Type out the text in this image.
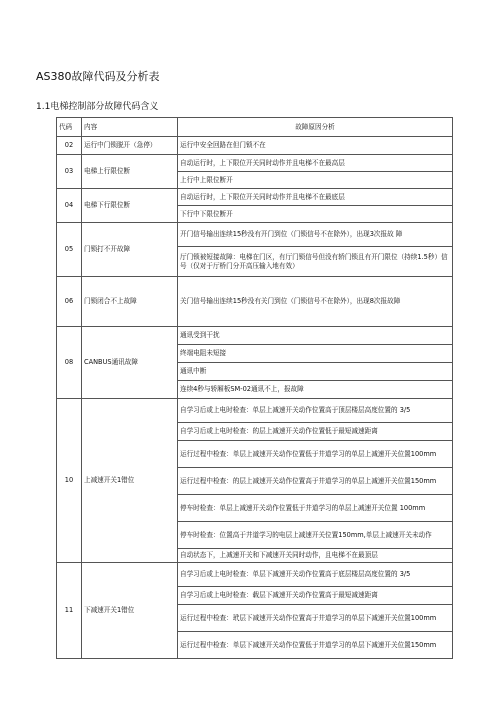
AS380故障代码及分析表
1.1电梯控制部分故障代码含义
代码	内容	故障原因分析
02	运行中门锁脱开（急停）	运行中安全回路在但门锁不在
03	电梯上行限位断	自动运行时，上下限位开关同时动作并且电梯不在最高层
		上行中上限位断开
04	电梯下行限位断	自动运行时，上下限位开关同时动作并且电梯不在最底层
		下行中下限位断开
05	门锁打不开故障	开门信号输出连续15秒没有开门到位（门锁信号不在除外），出现3次报故 障
		厅门锁被短接故障：电梯在门区，有厅门锁信号但没有轿门锁且有开门限位（持续1.5秒）信号（仅对于厅桥门分开高压输入地有效）
06	门锁闭合不上故障	关门信号输出连续15秒没有关门到位（门锁信号不在除外），出现8次报故障
08	CANBUS通讯故障	通讯受到干扰
		终端电阻未短接
		通讯中断
		连续4秒与轿厢板SM-02通讯不上，报故障
10	上减速开关1错位	自学习后或上电时检查：单层上减速开关动作位置高于顶层楼层高度位置的 3/5
		自学习后或上电时检查：的层上减速开关动作位置低于最短减速距离
		运行过程中检查：单层上减速开关动作位置低于井道学习的单层上减速开关位置100mm
		运行过程中检查：的层上减速开关动作位置高于井道学习的单层上减速开关位置150mm
		停车时检查：单层上减速开关动作位置低于井道学习的单层上减速开关位置 100mm
		停车时检查：位置高于井道学习的电层上减速开关位置150mm,单层上减速开关未动作
		自动状态下，上减速开关和下减速开关同时动作，且电梯不在最顶层
11	下减速开关1错位	自学习后或上电时检查：单层下减速开关动作位置高于底层楼层高度位置的 3/5
		自学习后或上电时检查：载层下减速开关动作位置高于最短减速距离
		运行过程中检查：玳层下减速开关动作位置高于井道学习的单层下减速开关位置100mm
		运行过程中检查：单层下减速开关动作位置低于井道学习的单层下减速开关位置150mm
